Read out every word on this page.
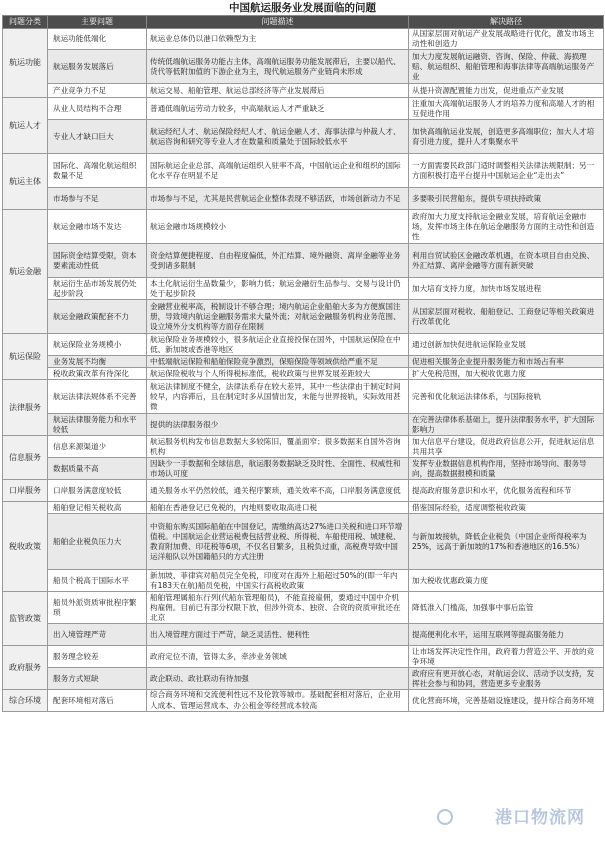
中国航运服务业发展面临的问题
问题分类	主要问题	问题描述	解决路径
航运功能	航运功能低端化	航运业总体仍以港口依赖型为主	从国家层面对航运产业发展战略进行优化，激发市场主动性和创造力
	航运服务发展落后	传统低端航运服务功能占主体，高端航运服务功能发展滞后，主要以船代、货代等低附加值的下游企业为主，现代航运服务产业链尚未形成	加大力度发展航运融资、咨询、保险、仲裁、海损理赔、航运组织、船舶管理和海事法律等高端航运服务产业
	产业竞争力不足	航运交易、船舶管理、航运总部经济等产业发展滞后	从提升资源配置能力出发，促进重点产业发展
航运人才	从业人员结构不合理	普通低端航运劳动力较多，中高端航运人才严重缺乏	注重加大高端航运服务人才的培养力度和高端人才的相互促进作用
	专业人才缺口巨大	航运经纪人才、航运保险经纪人才、航运金融人才、海事法律与仲裁人才、航运咨询和研究等专业人才在数量和质量处于国际较低水平	加快高端航运业发展，创造更多高端职位；加大人才培育引进力度，提升人才集聚水平
航运主体	国际化、高端化航运组织数量不足	国际航运企业总部、高端航运组织入驻率不高，中国航运企业和组织的国际化水平存在明显不足	一方面需要民政部门适时调整相关法律法规限制；另一方面积极打造平台提升中国航运企业“走出去”
	市场参与不足	市场参与不足，尤其是民营航运企业整体表现不够活跃，市场创新动力不足	多要吸引民营船东，提供专项扶持政策
航运金融	航运金融市场不发达	航运金融市场规模较小	政府加大力度支持航运金融业发展，培育航运金融市场，发挥市场主体在航运金融服务方面的主动性和创造性
	国际资金结算受限，资本要素流动性低	资金结算便捷程度、自由程度偏低，外汇结算、境外融资、离岸金融等业务受到诸多限制	利用自贸试验区金融改革机遇，在资本项目自由兑换、外汇结算、离岸金融等方面有新突破
	航运衍生品市场发展仍处起步阶段	本土化航运衍生品数量少，影响力低；航运金融衍生品参与、交易与设计仍处于起步阶段	加大培育支持力度，加快市场发展进程
	航运金融政策配套不力	金融营业税率高，税制设计不够合理；境内航运企业船舶大多为方便旗国注册，导致境内航运金融服务需求大量外流；对航运金融服务机构业务范围、设立境外分支机构等方面存在限制	从国家层面对税收、船舶登记、工商登记等相关政策进行改革优化
航运保险	航运保险业务规模小	航运保险业务规模较小，很多航运企业直接投保在国外，中国航运保险在中低、新加坡或香港等地区	通过创新加快促进航运保险业发展
	业务发展不均衡	中低端航运保险和船舶保险竞争激烈，保赔保险等领域供给严重不足	促进相关服务企业提升服务能力和市场占有率
	税收政策改革有待深化	航运保险税收与个人所得税标准低，税收政策与世界发展差距较大	扩大免税范围，加大税收优惠力度
法律服务	航运法律法规体系不完善	航运法律制度不健全，法律法系存在较大差异，其中一些法律由于制定时间较早，内容滞后，且在制定时多从国情出发，未能与世界接轨，实际效用甚微	完善和优化航运法律体系，与国际接轨
	航运法律服务能力和水平较低	提供的法律服务很少	在完善法律体系基础上，提升法律服务水平，扩大国际影响力
信息服务	信息来源渠道少	航运服务机构发布信息数据大多较陈旧，覆盖面窄；很多数据来自国外咨询机构	加大信息平台建设，促进政府信息公开，促进航运信息共用共享
	数据质量不高	因缺少一手数据和全球信息，航运服务数据缺乏及时性、全面性、权威性和市场认可度	发挥专业数据信息机构作用，坚持市场导向、服务导向，提高数据报模和质量
口岸服务	口岸服务满意度较低	通关服务水平仍然较低，通关程序繁琐，通关效率不高，口岸服务满意度低	提高政府服务意识和水平，优化服务流程和环节
税收政策	船舶登记相关税收高	船舶在香港登记已免税的，内地则要收取高进口税	借鉴国际经验，适度调整税收政策
	船舶企业税负压力大	中资船东购买国际船舶在中国登记，需缴纳高达27%进口关税和进口环节增值税。中国航运企业营运税费包括营业税、所得税、车船使用税、城建税、教育附加费、印花税等6项，不仅名目繁多，且税负过重，高税费导致中国运洋船队以外国籍船只的方式注册	与新加坡接轨，降低企业税负（中国企业所得税率为25%，远高于新加坡的17%和香港地区的16.5%）
	船员个税高于国际水平	新加坡、菲律宾对船员完全免税，印度对在海外上船超过50%的(即一年内有183天在航)船员免税，中国实行高税收政策	加大税收优惠政策力度
监管政策	船员外派资质审批程序繁琐	船舶管理属船东行列(代船东管理船员)，不能直接雇佣，要通过中国中介机构雇佣。目前已有部分权限下放，但涉外资本、独资、合资的资质审批还在北京	降低准入门槛高，加强事中事后监管
	出入境管理严苛	出入境管理方面过于严苛，缺乏灵活性、便利性	提高便利化水平，运用互联网等提高服务能力
政府服务	服务理念较差	政府定位不清，管得太多，牵涉业务领域	让市场发挥决定性作用，政府着力营造公平、开放的竞争环境
	服务方式短缺	政企联动、政社联动有待加强	政府应有更开放心态，对航运会议、活动予以支持，发挥社会参与和协同，营造更多专业服务
综合环境	配套环境相对落后	综合商务环境和交流便利性远不及伦敦等城市。基础配套相对落后，企业用人成本、管理运营成本、办公租金等经营成本较高	优化营商环境，完善基础设施建设，提升综合商务环境
港口物流网
